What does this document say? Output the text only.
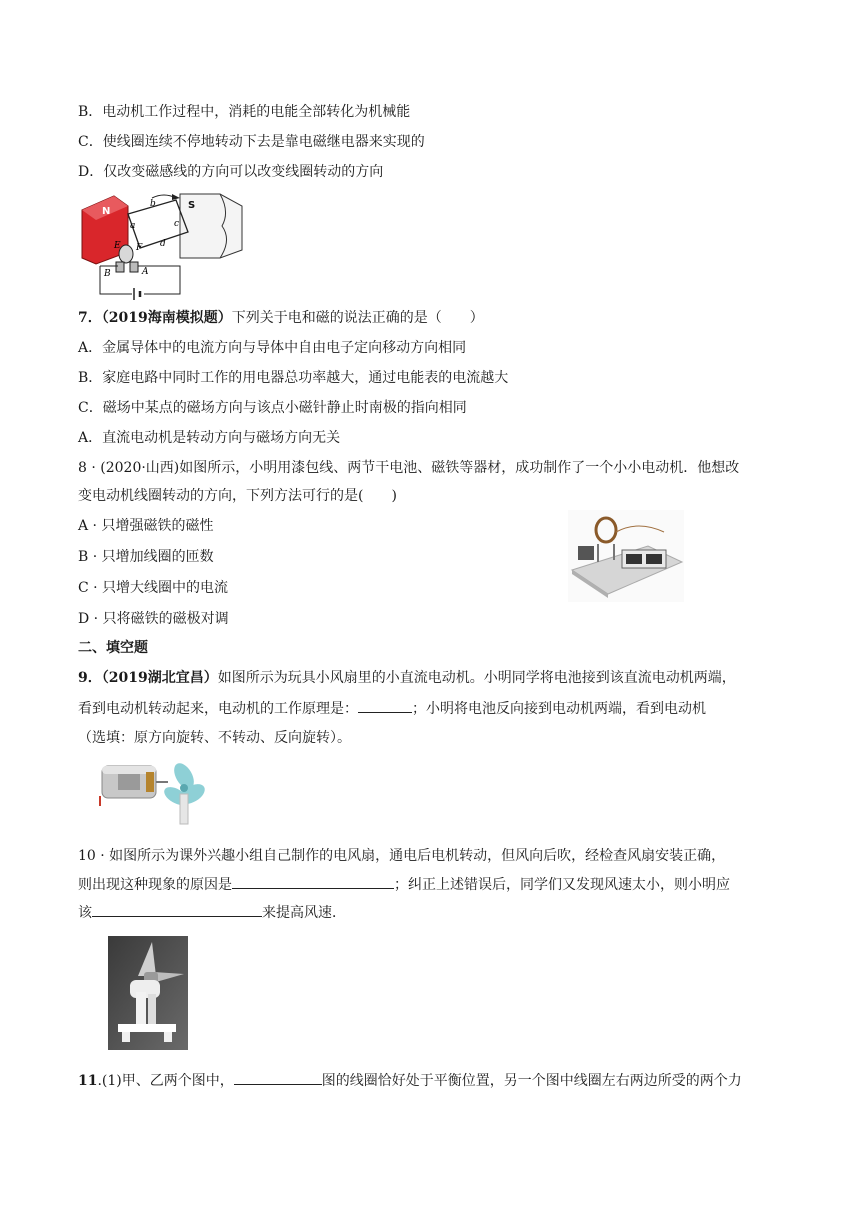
B．电动机工作过程中，消耗的电能全部转化为机械能
C．使线圈连续不停地转动下去是靠电磁继电器来实现的
D．仅改变磁感线的方向可以改变线圈转动的方向
N
S
b
a	c
d
E F
B	A
7．（2019海南模拟题）下列关于电和磁的说法正确的是（　　）
A．金属导体中的电流方向与导体中自由电子定向移动方向相同
B．家庭电路中同时工作的用电器总功率越大，通过电能表的电流越大
C．磁场中某点的磁场方向与该点小磁针静止时南极的指向相同
A．直流电动机是转动方向与磁场方向无关
8 · (2020·山西)如图所示，小明用漆包线、两节干电池、磁铁等器材，成功制作了一个小小电动机．他想改
变电动机线圈转动的方向，下列方法可行的是(　　)
A · 只增强磁铁的磁性
B · 只增加线圈的匝数
C · 只增大线圈中的电流
D · 只将磁铁的磁极对调
二、填空题
9．（2019湖北宜昌）如图所示为玩具小风扇里的小直流电动机。小明同学将电池接到该直流电动机两端，
看到电动机转动起来，电动机的工作原理是：	；小明将电池反向接到电动机两端，看到电动机
（选填：原方向旋转、不转动、反向旋转）。
10 · 如图所示为课外兴趣小组自己制作的电风扇，通电后电机转动，但风向后吹，经检查风扇安装正确，
则出现这种现象的原因是	；纠正上述错误后，同学们又发现风速太小，则小明应
该	来提高风速．
11.(1)甲、乙两个图中，	图的线圈恰好处于平衡位置，另一个图中线圈左右两边所受的两个力
